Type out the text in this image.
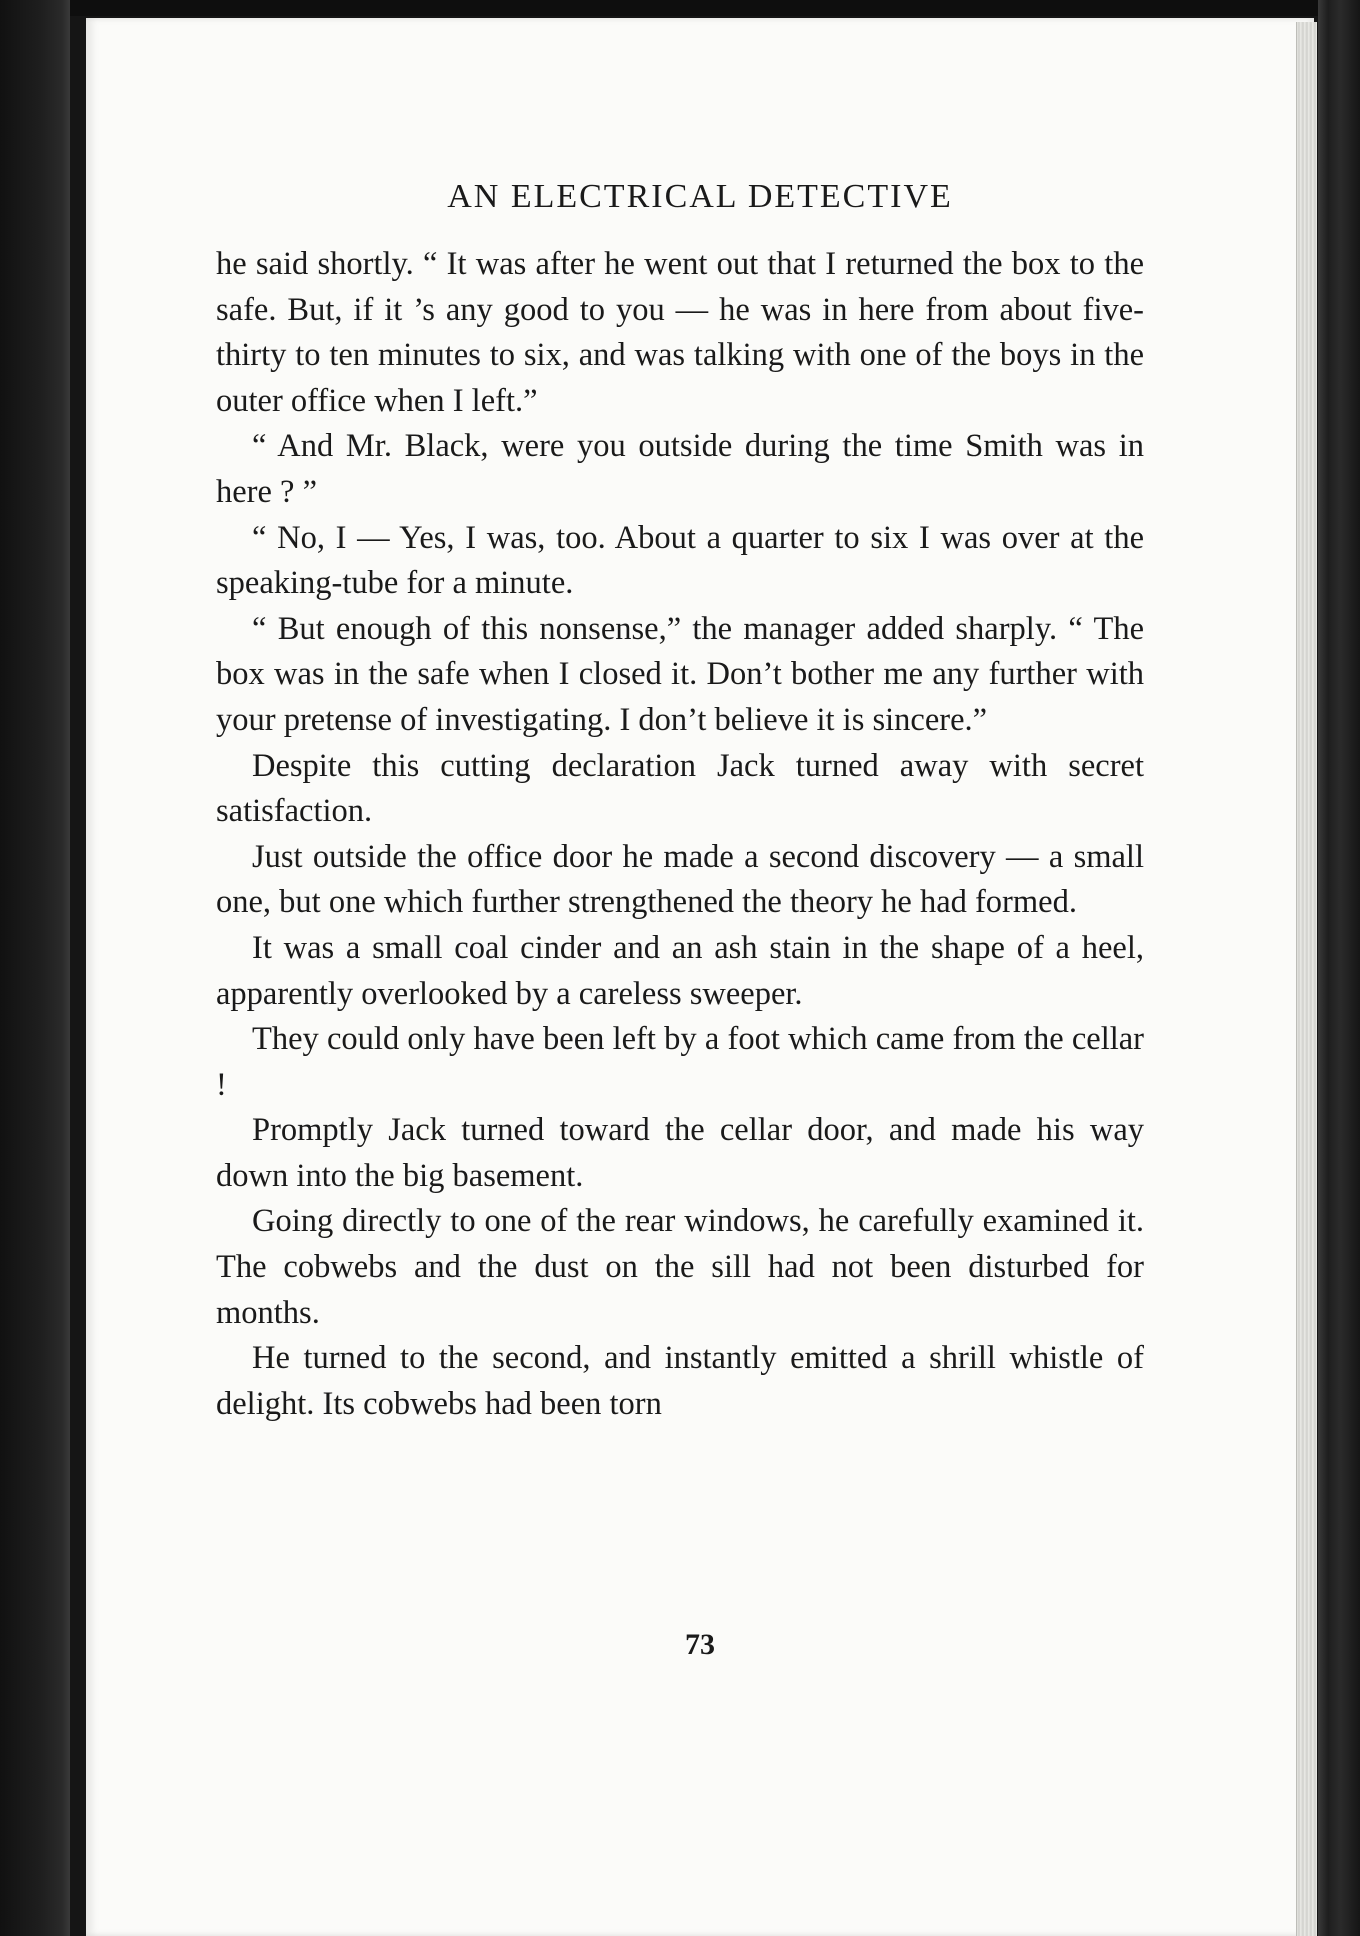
AN ELECTRICAL DETECTIVE

he said shortly. “ It was after he went out that I returned the box to the safe. But, if it ’s any good to you — he was in here from about five-thirty to ten minutes to six, and was talking with one of the boys in the outer office when I left.”

“ And Mr. Black, were you outside during the time Smith was in here ? ”

“ No, I — Yes, I was, too. About a quarter to six I was over at the speaking-tube for a minute.

“ But enough of this nonsense,” the manager added sharply. “ The box was in the safe when I closed it. Don’t bother me any further with your pretense of investigating. I don’t believe it is sincere.”

Despite this cutting declaration Jack turned away with secret satisfaction.

Just outside the office door he made a second discovery — a small one, but one which further strengthened the theory he had formed.

It was a small coal cinder and an ash stain in the shape of a heel, apparently overlooked by a careless sweeper.

They could only have been left by a foot which came from the cellar !

Promptly Jack turned toward the cellar door, and made his way down into the big basement.

Going directly to one of the rear windows, he carefully examined it. The cobwebs and the dust on the sill had not been disturbed for months.

He turned to the second, and instantly emitted a shrill whistle of delight. Its cobwebs had been torn

73
